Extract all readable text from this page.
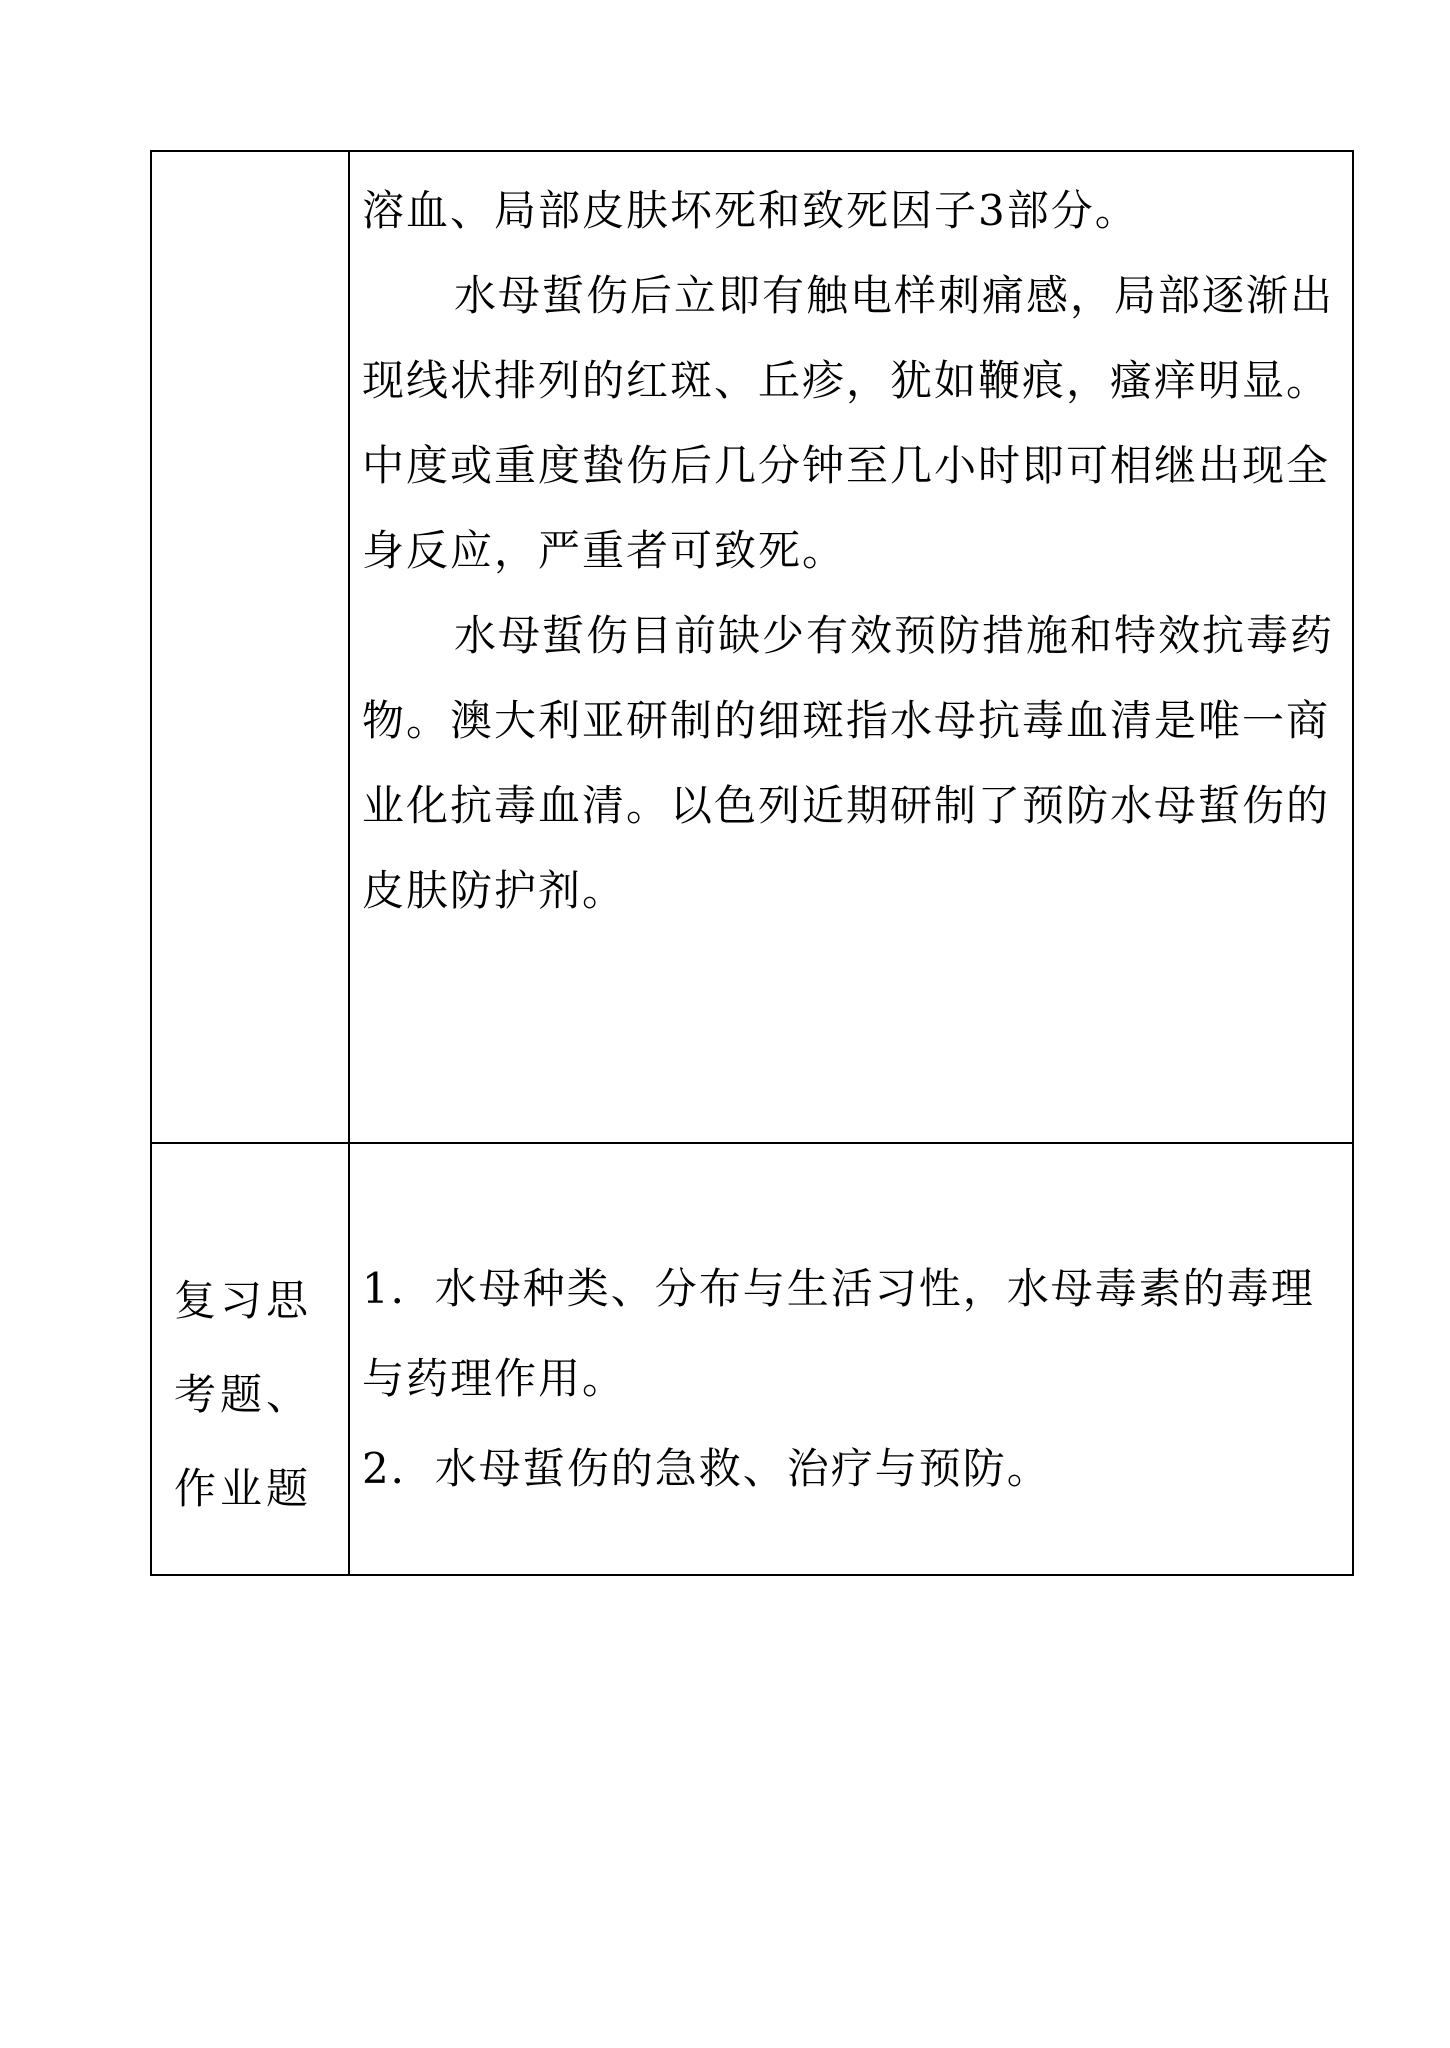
溶血、局部皮肤坏死和致死因子3部分。

水母蜇伤后立即有触电样刺痛感，局部逐渐出现线状排列的红斑、丘疹，犹如鞭痕，瘙痒明显。中度或重度蛰伤后几分钟至几小时即可相继出现全身反应，严重者可致死。

水母蜇伤目前缺少有效预防措施和特效抗毒药物。澳大利亚研制的细斑指水母抗毒血清是唯一商业化抗毒血清。以色列近期研制了预防水母蜇伤的皮肤防护剂。

复习思考题、作业题

1．水母种类、分布与生活习性，水母毒素的毒理与药理作用。

2．水母蜇伤的急救、治疗与预防。
